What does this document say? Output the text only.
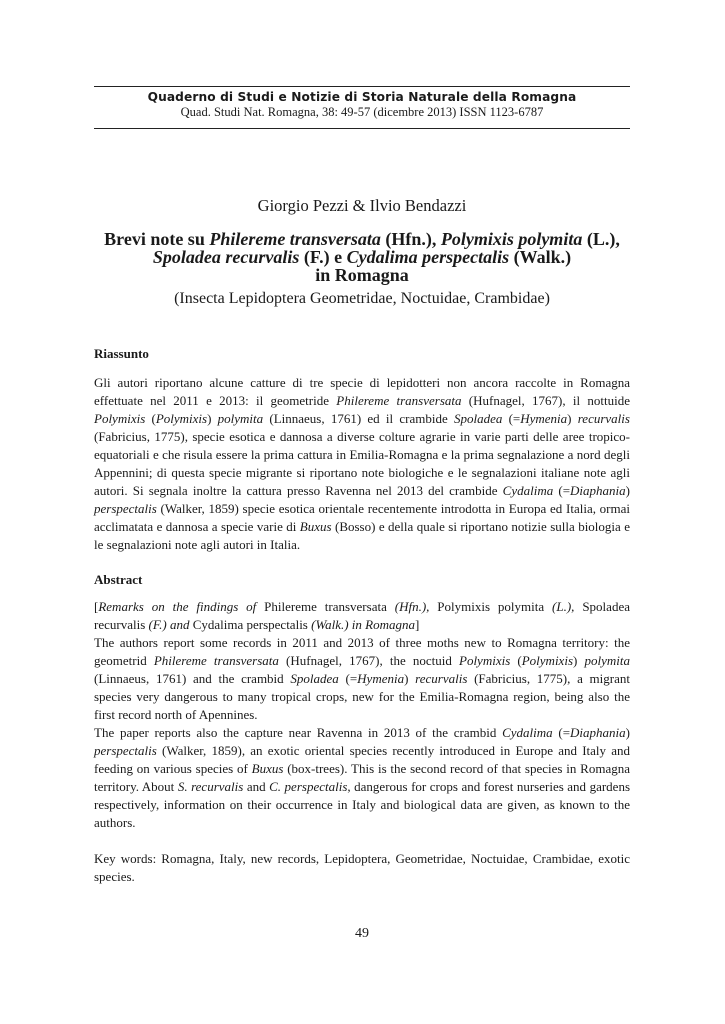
Quaderno di Studi e Notizie di Storia Naturale della Romagna
Quad. Studi Nat. Romagna, 38: 49-57 (dicembre 2013) ISSN 1123-6787
Giorgio Pezzi & Ilvio Bendazzi
Brevi note su Phileremе transversata (Hfn.), Polymixis polymita (L.),
Spoladea recurvalis (F.) e Cydalima perspectalis (Walk.)
in Romagna
(Insecta Lepidoptera Geometridae, Noctuidae, Crambidae)
Riassunto

Gli autori riportano alcune catture di tre specie di lepidotteri non ancora raccolte in Romagna effettuate nel 2011 e 2013: il geometride Phileremе transversata (Hufnagel, 1767), il nottuide Polymixis (Polymixis) polymita (Linnaeus, 1761) ed il crambide Spoladea (=Hymenia) recurvalis (Fabricius, 1775), specie esotica e dannosa a diverse colture agrarie in varie parti delle aree tropico-equatoriali e che risula essere la prima cattura in Emilia-Romagna e la prima segnalazione a nord degli Appennini; di questa specie migrante si riportano note biologiche e le segnalazioni italiane note agli autori. Si segnala inoltre la cattura presso Ravenna nel 2013 del crambide Cydalima (=Diaphania) perspectalis (Walker, 1859) specie esotica orientale recentemente introdotta in Europa ed Italia, ormai acclimatata e dannosa a specie varie di Buxus (Bosso) e della quale si riportano notizie sulla biologia e le segnalazioni note agli autori in Italia.

Abstract

[Remarks on the findings of Phileremе transversata (Hfn.), Polymixis polymita (L.), Spoladea recurvalis (F.) and Cydalima perspectalis (Walk.) in Romagna]

The authors report some records in 2011 and 2013 of three moths new to Romagna territory: the geometrid Phileremе transversata (Hufnagel, 1767), the noctuid Polymixis (Polymixis) polymita (Linnaeus, 1761) and the crambid Spoladea (=Hymenia) recurvalis (Fabricius, 1775), a migrant species very dangerous to many tropical crops, new for the Emilia-Romagna region, being also the first record north of Apennines.

The paper reports also the capture near Ravenna in 2013 of the crambid Cydalima (=Diaphania) perspectalis (Walker, 1859), an exotic oriental species recently introduced in Europe and Italy and feeding on various species of Buxus (box-trees). This is the second record of that species in Romagna territory. About S. recurvalis and C. perspectalis, dangerous for crops and forest nurseries and gardens respectively, information on their occurrence in Italy and biological data are given, as known to the authors.

Key words: Romagna, Italy, new records, Lepidoptera, Geometridae, Noctuidae, Crambidae, exotic species.
49
